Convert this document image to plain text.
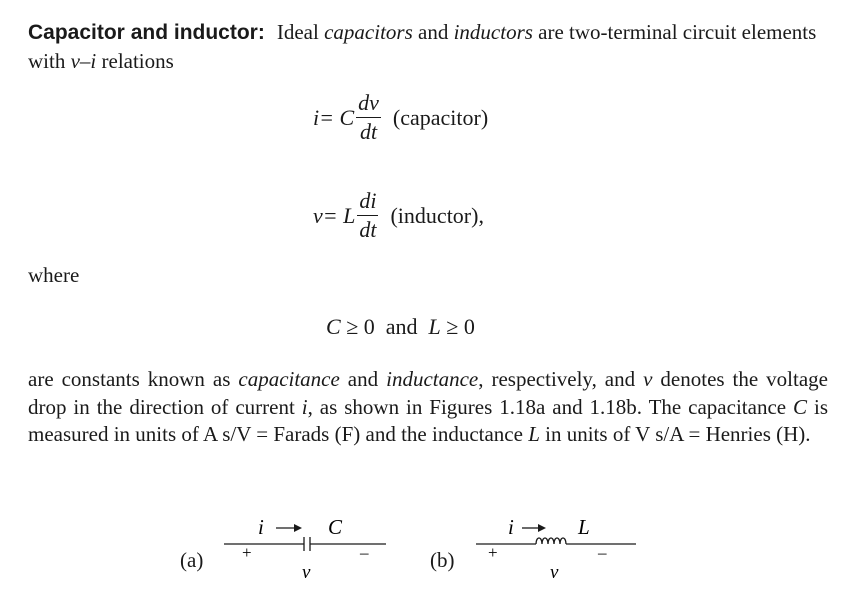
Capacitor and inductor: Ideal capacitors and inductors are two-terminal circuit elements with v–i relations
i = C $\frac{dv}{dt}$ (capacitor)
v = L $\frac{di}{dt}$ (inductor),
where
C ≥ 0  and  L ≥ 0
are constants known as capacitance and inductance, respectively, and v denotes the voltage drop in the direction of current i, as shown in Figures 1.18a and 1.18b. The capacitance C is measured in units of A s/V = Farads (F) and the inductance L in units of V s/A = Henries (H).
(a)	(b)
i	C
+	–
v
i	L
+	–
v
